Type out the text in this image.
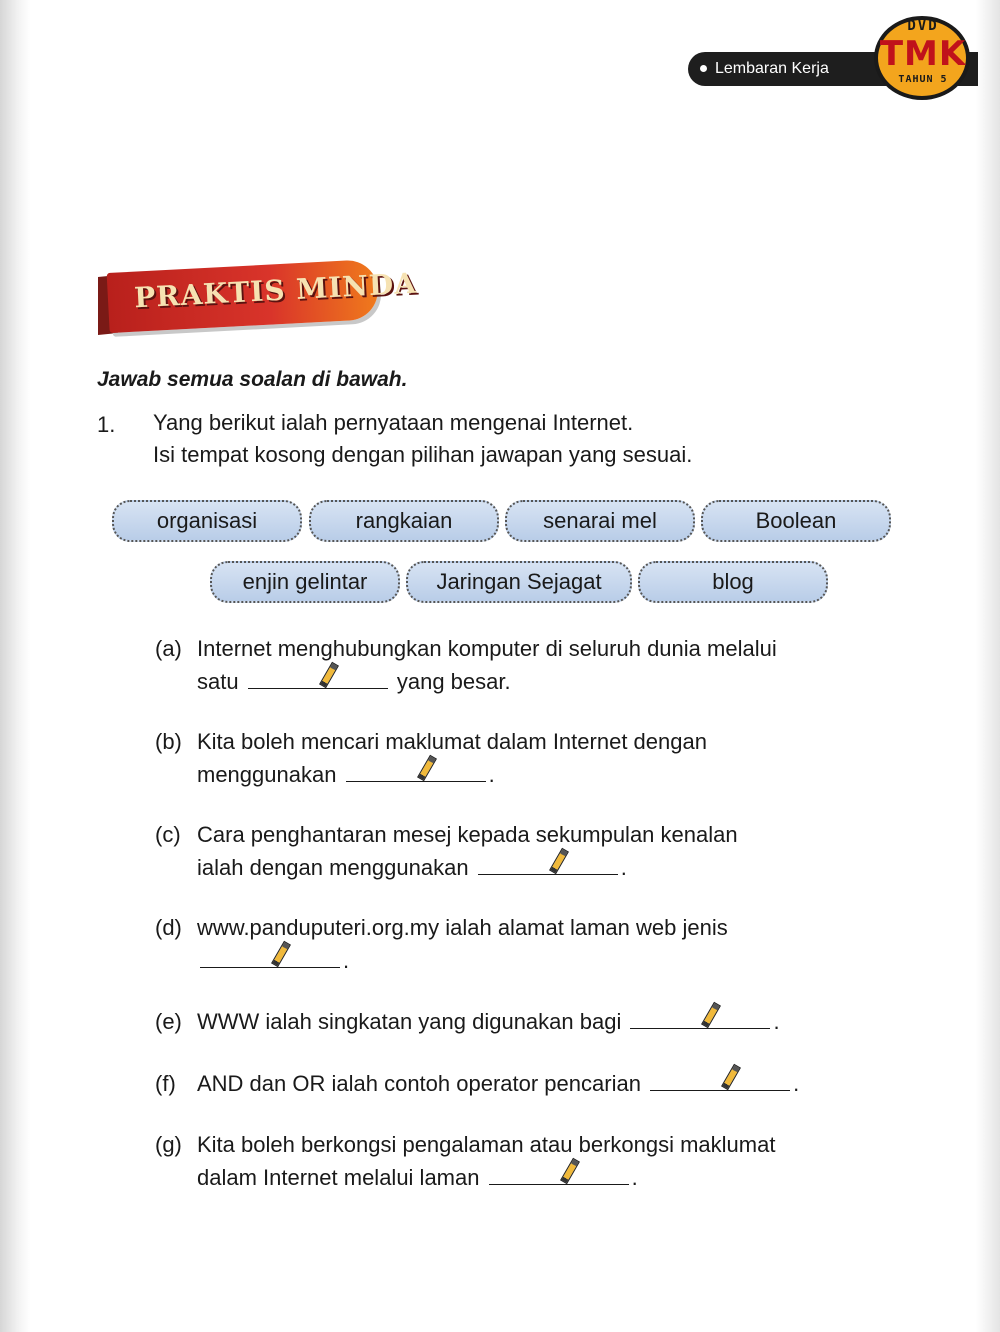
Lembaran Kerja
DVD
TMK
TAHUN 5
PRAKTIS MINDA
Jawab semua soalan di bawah.
1. Yang berikut ialah pernyataan mengenai Internet.
Isi tempat kosong dengan pilihan jawapan yang sesuai.
organisasi	rangkaian	senarai mel	Boolean
enjin gelintar	Jaringan Sejagat	blog
(a) Internet menghubungkan komputer di seluruh dunia melalui
satu	yang besar.
(b) Kita boleh mencari maklumat dalam Internet dengan
menggunakan	.
(c) Cara penghantaran mesej kepada sekumpulan kenalan
ialah dengan menggunakan	.
(d) www.panduputeri.org.my ialah alamat laman web jenis
.
(e) WWW ialah singkatan yang digunakan bagi	.
(f) AND dan OR ialah contoh operator pencarian	.
(g) Kita boleh berkongsi pengalaman atau berkongsi maklumat
dalam Internet melalui laman	.
